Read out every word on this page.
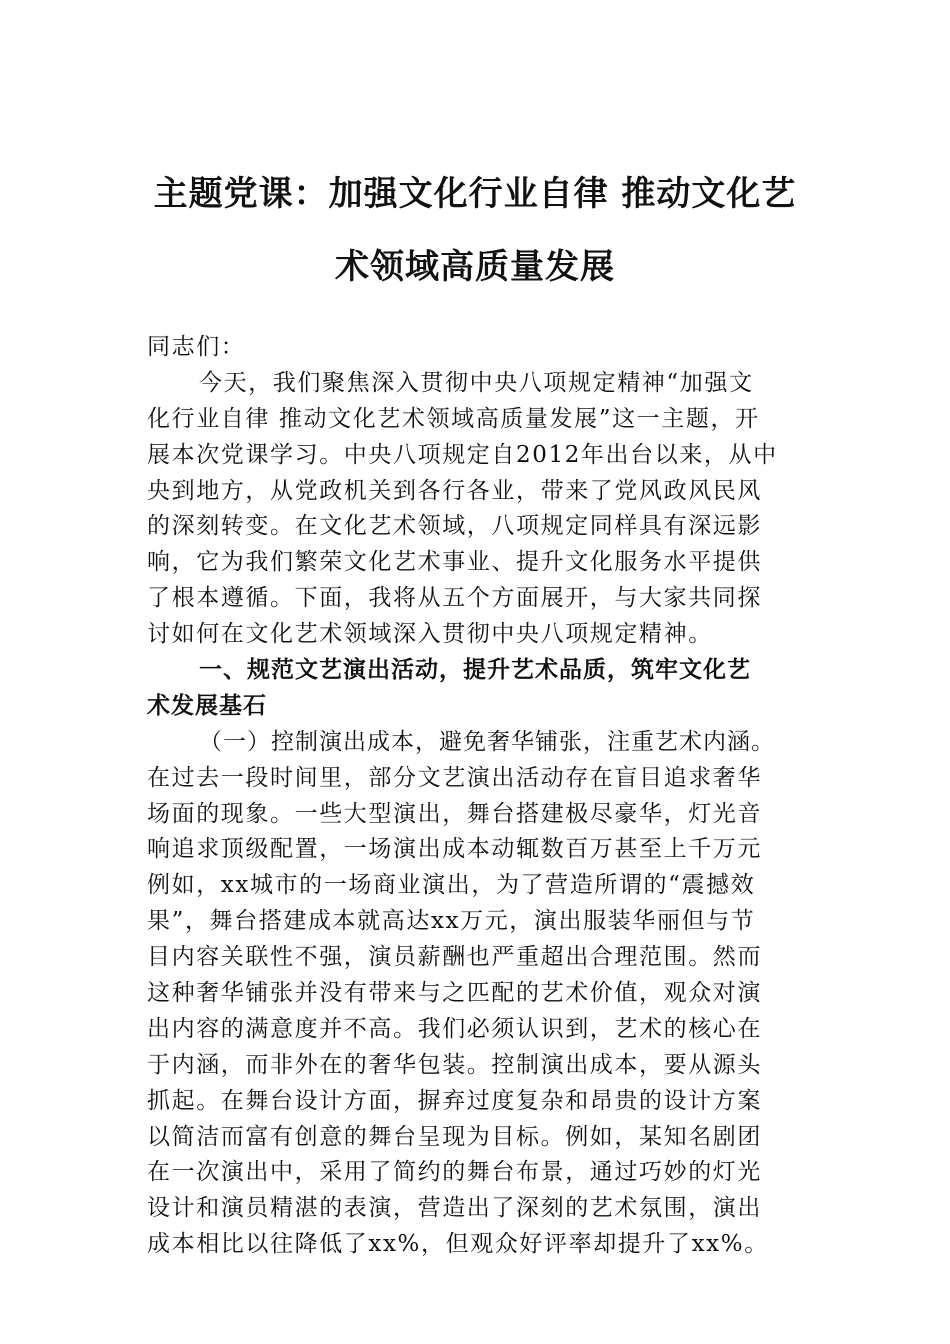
主题党课：加强文化行业自律 推动文化艺
术领域高质量发展
同志们：
今天，我们聚焦深入贯彻中央八项规定精神“加强文
化行业自律 推动文化艺术领域高质量发展”这一主题，开
展本次党课学习。中央八项规定自2012年出台以来，从中
央到地方，从党政机关到各行各业，带来了党风政风民风
的深刻转变。在文化艺术领域，八项规定同样具有深远影
响，它为我们繁荣文化艺术事业、提升文化服务水平提供
了根本遵循。下面，我将从五个方面展开，与大家共同探
讨如何在文化艺术领域深入贯彻中央八项规定精神。
一、规范文艺演出活动，提升艺术品质，筑牢文化艺
术发展基石
（一）控制演出成本，避免奢华铺张，注重艺术内涵。
在过去一段时间里，部分文艺演出活动存在盲目追求奢华
场面的现象。一些大型演出，舞台搭建极尽豪华，灯光音
响追求顶级配置，一场演出成本动辄数百万甚至上千万元
例如，xx城市的一场商业演出，为了营造所谓的“震撼效
果”，舞台搭建成本就高达xx万元，演出服装华丽但与节
目内容关联性不强，演员薪酬也严重超出合理范围。然而
这种奢华铺张并没有带来与之匹配的艺术价值，观众对演
出内容的满意度并不高。我们必须认识到，艺术的核心在
于内涵，而非外在的奢华包装。控制演出成本，要从源头
抓起。在舞台设计方面，摒弃过度复杂和昂贵的设计方案
以简洁而富有创意的舞台呈现为目标。例如，某知名剧团
在一次演出中，采用了简约的舞台布景，通过巧妙的灯光
设计和演员精湛的表演，营造出了深刻的艺术氛围，演出
成本相比以往降低了xx%，但观众好评率却提升了xx%。
